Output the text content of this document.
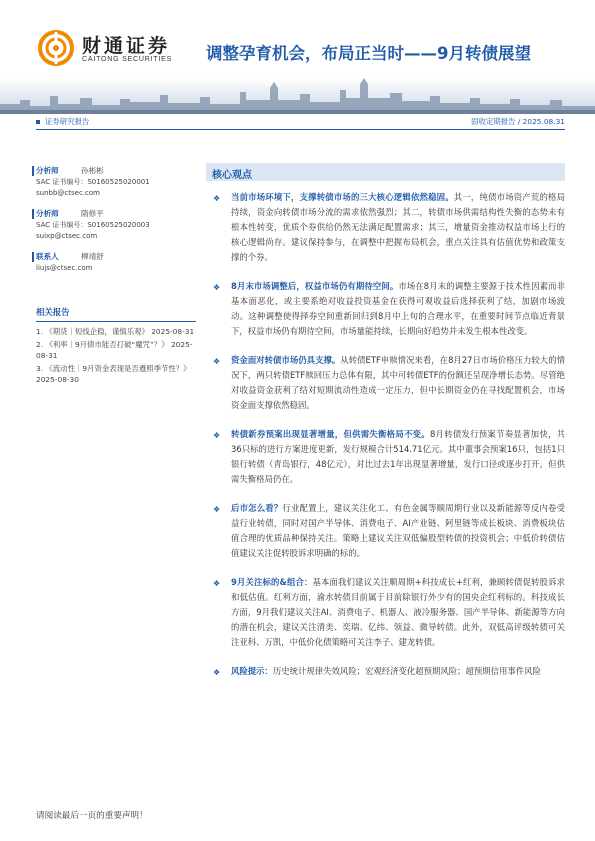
财通证券
CAITONG SECURITIES 调整孕育机会，布局正当时——9月转债展望
证券研究报告	固收定期报告 / 2025.08.31
分析师	孙彬彬
SAC 证书编号：S0160525020001
sunbb@ctsec.com
分析师	隋修平
SAC 证书编号：S0160525020003
suixp@ctsec.com
联系人	柳靖舒
liujs@ctsec.com
相关报告
1. 《期货｜短线企稳，谨慎乐观》 2025-08-31
2. 《利率｜9月债市能否打破“魔咒”？》 2025-08-31
3. 《流动性｜9月资金表现是否遵照季节性？》 2025-08-30
核心观点
❖ 当前市场环境下，支撑转债市场的三大核心逻辑依然稳固。其一，纯债市场资产荒的格局持续，资金向转债市场分流的需求依然强烈；其二，转债市场供需结构性失衡的态势未有根本性转变，优质个券供给仍然无法满足配置需求；其三，增量资金推动权益市场上行的核心逻辑尚存。建议保持参与，在调整中把握布局机会，重点关注具有估值优势和政策支撑的个券。
❖ 8月末市场调整后，权益市场仍有期待空间。市场在8月末的调整主要源于技术性因素而非基本面恶化，或主要系绝对收益投资基金在获得可观收益后选择获利了结，加剧市场波动。这种调整使得择券空间重新回归到8月中上旬的合理水平，在重要时间节点临近背景下，权益市场仍有期待空间，市场量能持续，长期向好趋势并未发生根本性改变。
❖ 资金面对转债市场仍具支撑。从转债ETF申赎情况来看，在8月27日市场价格压力较大的情况下，两只转债ETF赎回压力总体有限，其中可转债ETF的份额还呈现净增长态势。尽管绝对收益资金获利了结对短期流动性造成一定压力，但中长期资金仍在寻找配置机会，市场资金面支撑依然稳固。
❖ 转债新券预案出现显著增量，但供需失衡格局不变。8月转债发行预案节奏显著加快，共36只标的进行方案进度更新，发行规模合计514.71亿元。其中董事会预案16只，包括1只银行转债（青岛银行，48亿元），对比过去1年出现显著增量，发行口径或逐步打开，但供需失衡格局仍在。
❖ 后市怎么看？行业配置上，建议关注化工、有色金属等顺周期行业以及新能源等反内卷受益行业转债，同时对国产半导体、消费电子、AI产业链、阿里链等成长板块、消费板块估值合理的优质品种保持关注。策略上建议关注双低偏股型转债的投资机会；中低价转债估值建议关注促转股诉求明确的标的。
❖ 9月关注标的&组合：基本面我们建议关注顺周期+科技成长+红利，兼顾转债促转股诉求和低估值。红利方面，渝水转债目前属于目前除银行外少有的国央企红利标的。科技成长方面，9月我们建议关注AI、消费电子、机器人、液冷服务器、国产半导体、新能源等方向的潜在机会，建议关注清美、奕瑞、亿纬、领益、微导转债。此外，双低高评级转债可关注亚科、万凯，中低价化债策略可关注李子、建龙转债。
❖ 风险提示：历史统计规律失效风险；宏观经济变化超预期风险；超预期信用事件风险
请阅读最后一页的重要声明！
